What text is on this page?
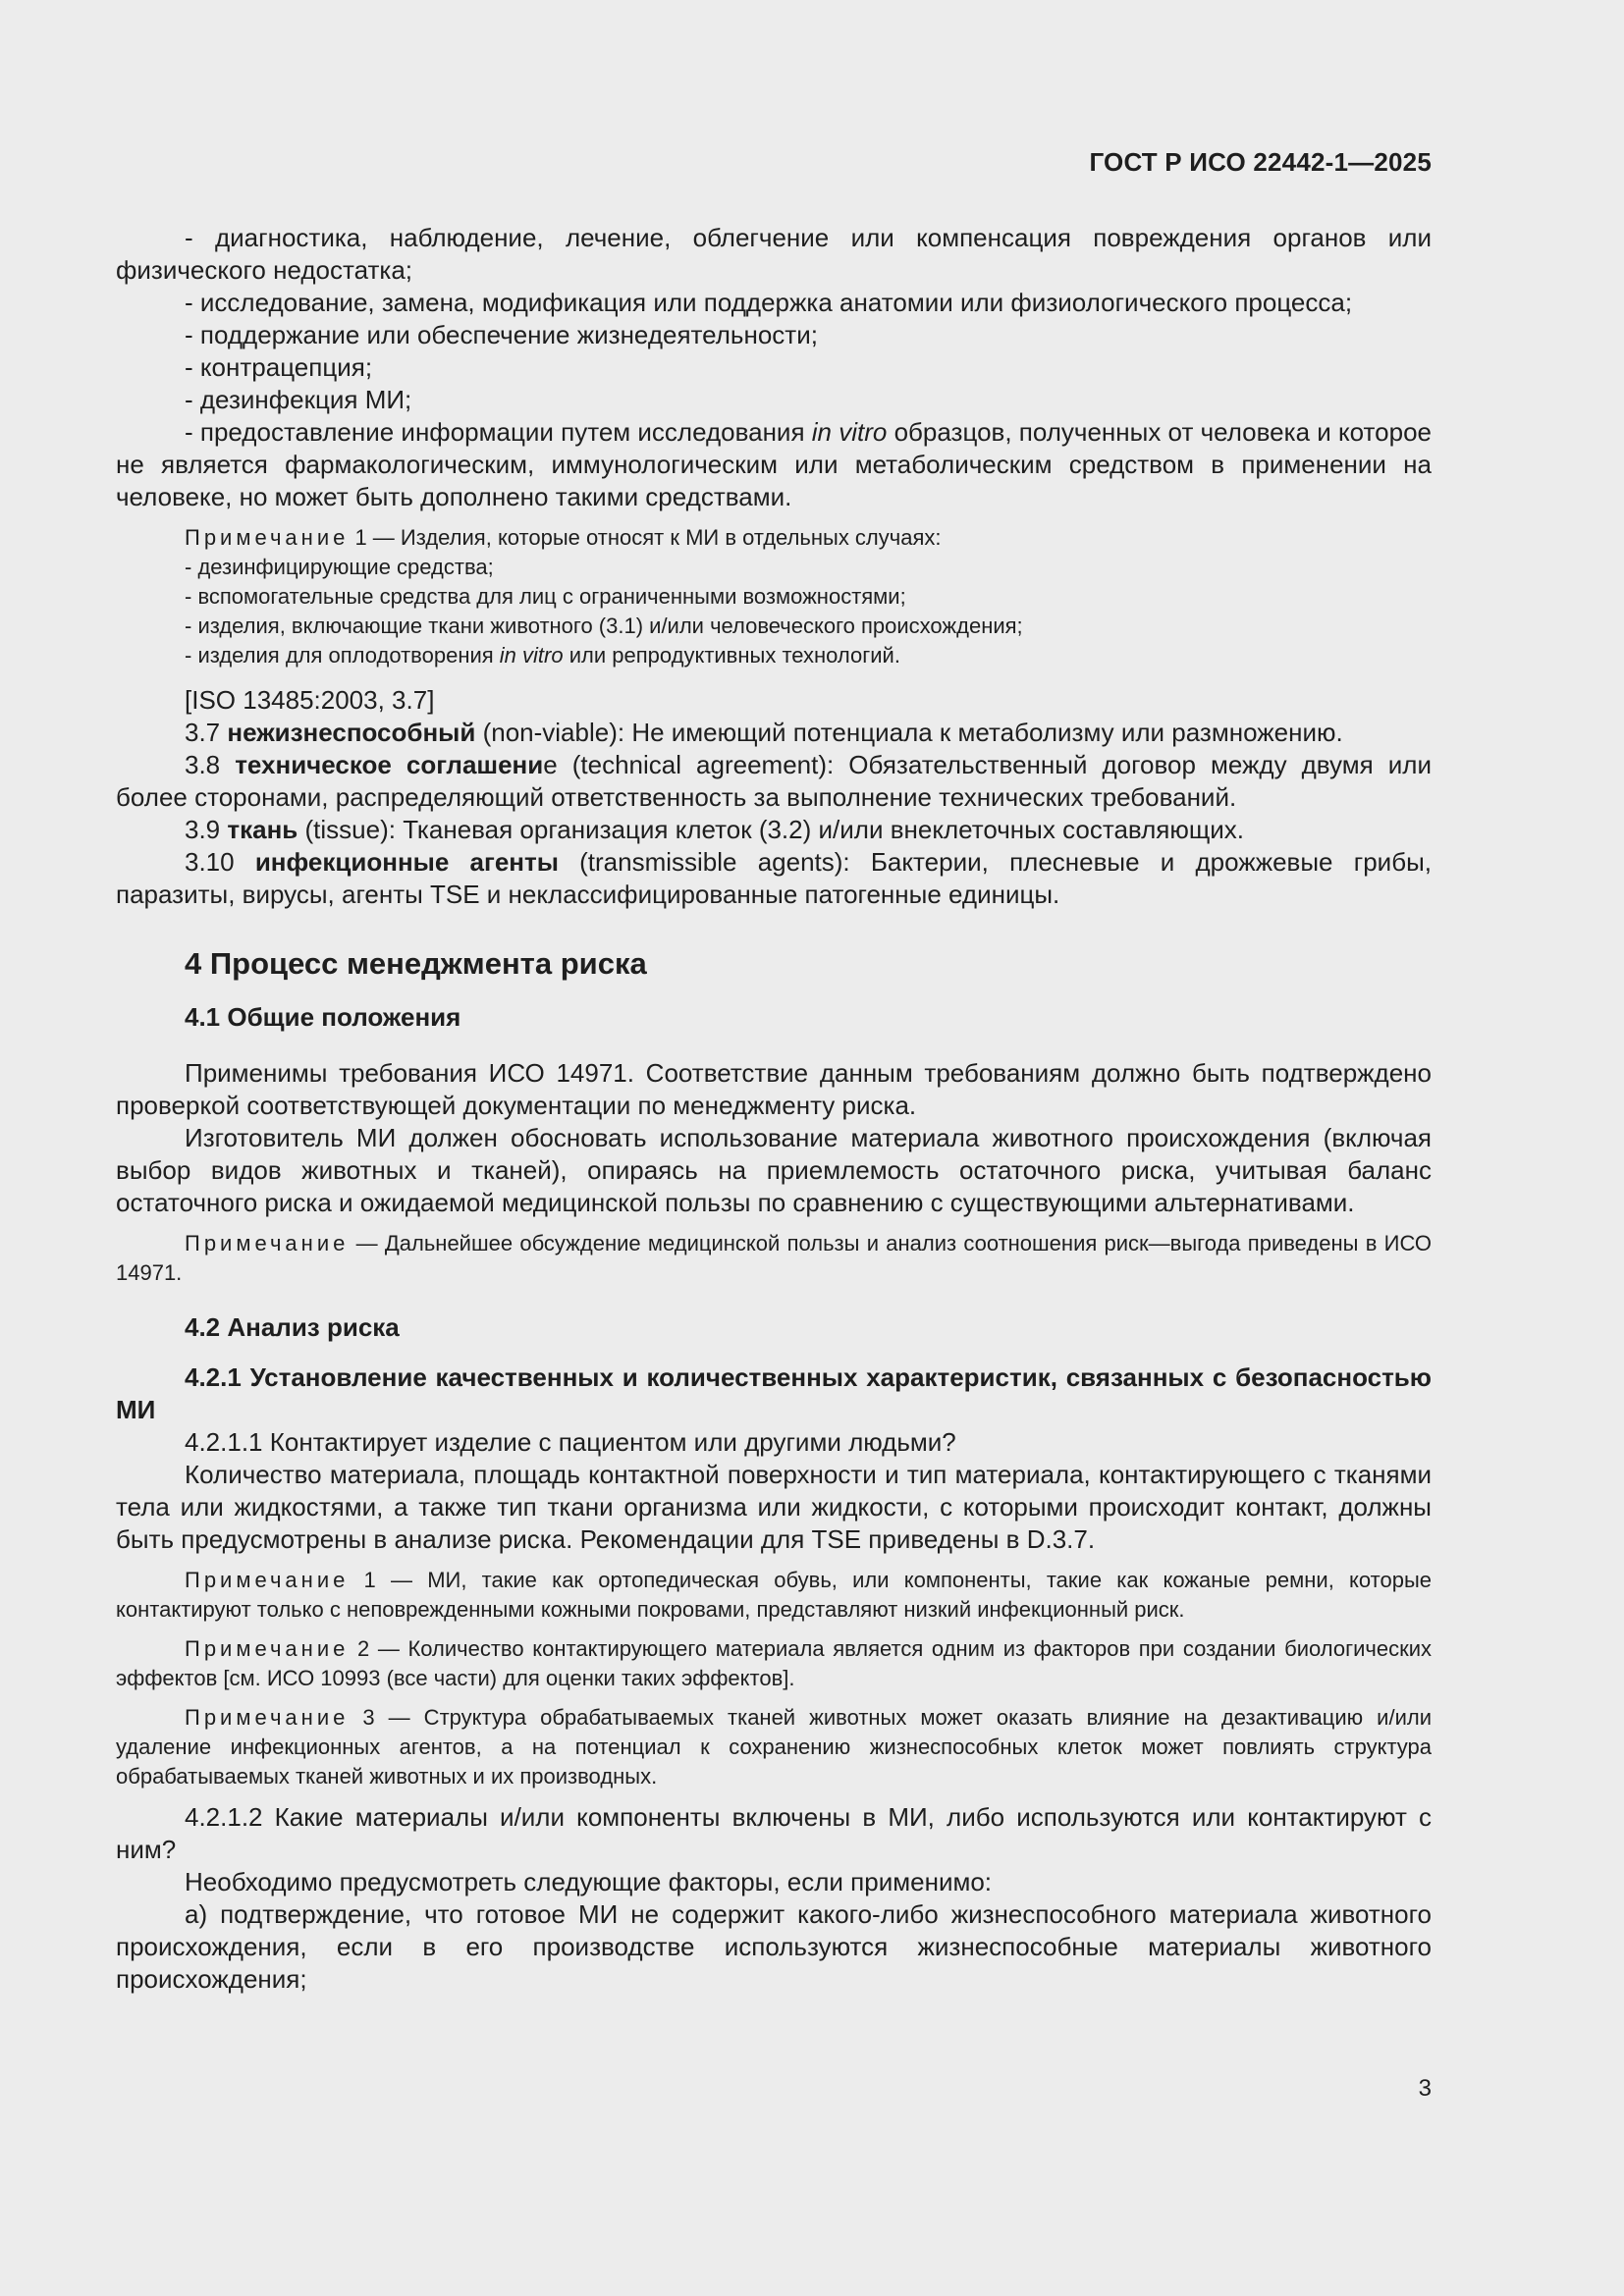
ГОСТ Р ИСО 22442-1—2025

- диагностика, наблюдение, лечение, облегчение или компенсация повреждения органов или физического недостатка;

- исследование, замена, модификация или поддержка анатомии или физиологического процесса;

- поддержание или обеспечение жизнедеятельности;

- контрацепция;

- дезинфекция МИ;

- предоставление информации путем исследования in vitro образцов, полученных от человека и которое не является фармакологическим, иммунологическим или метаболическим средством в применении на человеке, но может быть дополнено такими средствами.

Примечание 1 — Изделия, которые относят к МИ в отдельных случаях:

- дезинфицирующие средства;

- вспомогательные средства для лиц с ограниченными возможностями;

- изделия, включающие ткани животного (3.1) и/или человеческого происхождения;

- изделия для оплодотворения in vitro или репродуктивных технологий.

[ISO 13485:2003, 3.7]

3.7 нежизнеспособный (non-viable): Не имеющий потенциала к метаболизму или размножению.

3.8 техническое соглашение (technical agreement): Обязательственный договор между двумя или более сторонами, распределяющий ответственность за выполнение технических требований.

3.9 ткань (tissue): Тканевая организация клеток (3.2) и/или внеклеточных составляющих.

3.10 инфекционные агенты (transmissible agents): Бактерии, плесневые и дрожжевые грибы, паразиты, вирусы, агенты TSE и неклассифицированные патогенные единицы.

4 Процесс менеджмента риска
4.1 Общие положения

Применимы требования ИСО 14971. Соответствие данным требованиям должно быть подтверждено проверкой соответствующей документации по менеджменту риска.

Изготовитель МИ должен обосновать использование материала животного происхождения (включая выбор видов животных и тканей), опираясь на приемлемость остаточного риска, учитывая баланс остаточного риска и ожидаемой медицинской пользы по сравнению с существующими альтернативами.

Примечание — Дальнейшее обсуждение медицинской пользы и анализ соотношения риск—выгода приведены в ИСО 14971.

4.2 Анализ риска
4.2.1 Установление качественных и количественных характеристик, связанных с безопасностью МИ

4.2.1.1 Контактирует изделие с пациентом или другими людьми?

Количество материала, площадь контактной поверхности и тип материала, контактирующего с тканями тела или жидкостями, а также тип ткани организма или жидкости, с которыми происходит контакт, должны быть предусмотрены в анализе риска. Рекомендации для TSE приведены в D.3.7.

Примечание 1 — МИ, такие как ортопедическая обувь, или компоненты, такие как кожаные ремни, которые контактируют только с неповрежденными кожными покровами, представляют низкий инфекционный риск.

Примечание 2 — Количество контактирующего материала является одним из факторов при создании биологических эффектов [см. ИСО 10993 (все части) для оценки таких эффектов].

Примечание 3 — Структура обрабатываемых тканей животных может оказать влияние на дезактивацию и/или удаление инфекционных агентов, а на потенциал к сохранению жизнеспособных клеток может повлиять структура обрабатываемых тканей животных и их производных.

4.2.1.2 Какие материалы и/или компоненты включены в МИ, либо используются или контактируют с ним?

Необходимо предусмотреть следующие факторы, если применимо:

а) подтверждение, что готовое МИ не содержит какого-либо жизнеспособного материала животного происхождения, если в его производстве используются жизнеспособные материалы животного происхождения;

3
